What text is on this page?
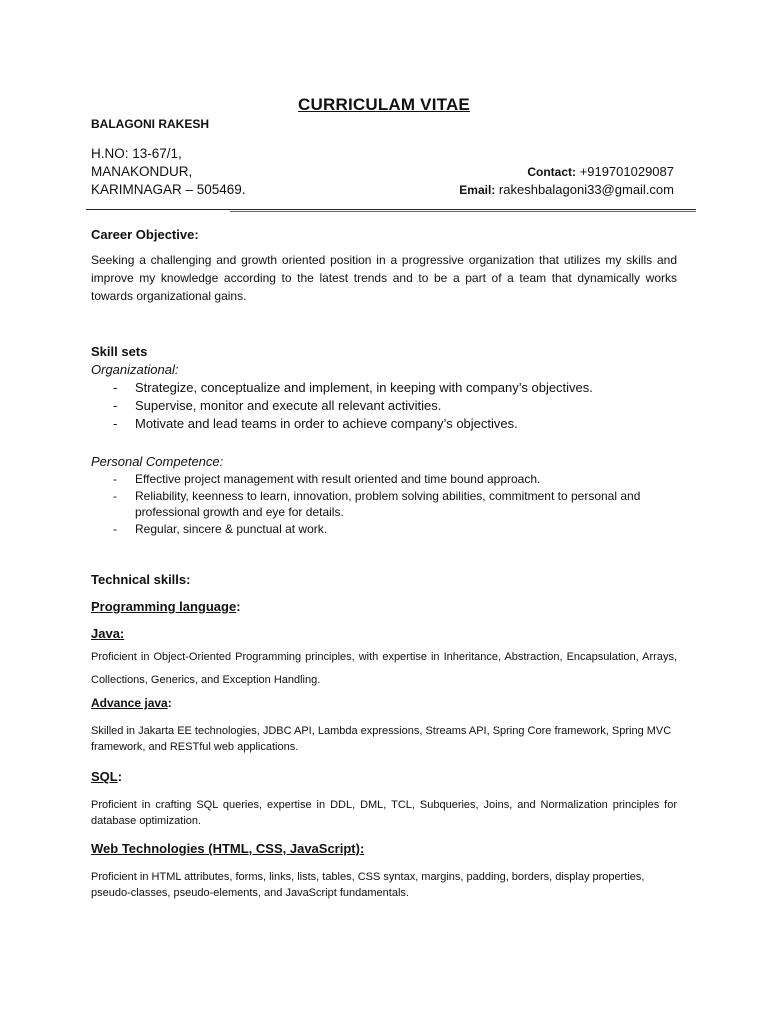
CURRICULAM VITAE
BALAGONI RAKESH
H.NO: 13-67/1,
MANAKONDUR,
KARIMNAGAR – 505469.
Contact: +919701029087
Email: rakeshbalagoni33@gmail.com
Career Objective:
Seeking a challenging and growth oriented position in a progressive organization that utilizes my skills and improve my knowledge according to the latest trends and to be a part of a team that dynamically works towards organizational gains.
Skill sets
Organizational:
- Strategize, conceptualize and implement, in keeping with company’s objectives.
- Supervise, monitor and execute all relevant activities.
- Motivate and lead teams in order to achieve company’s objectives.
Personal Competence:
- Effective project management with result oriented and time bound approach.
- Reliability, keenness to learn, innovation, problem solving abilities, commitment to personal and professional growth and eye for details.
- Regular, sincere & punctual at work.
Technical skills:
Programming language:
Java:
Proficient in Object-Oriented Programming principles, with expertise in Inheritance, Abstraction, Encapsulation, Arrays, Collections, Generics, and Exception Handling.
Advance java:
Skilled in Jakarta EE technologies, JDBC API, Lambda expressions, Streams API, Spring Core framework, Spring MVC framework, and RESTful web applications.
SQL:
Proficient in crafting SQL queries, expertise in DDL, DML, TCL, Subqueries, Joins, and Normalization principles for database optimization.
Web Technologies (HTML, CSS, JavaScript):
Proficient in HTML attributes, forms, links, lists, tables, CSS syntax, margins, padding, borders, display properties, pseudo-classes, pseudo-elements, and JavaScript fundamentals.
